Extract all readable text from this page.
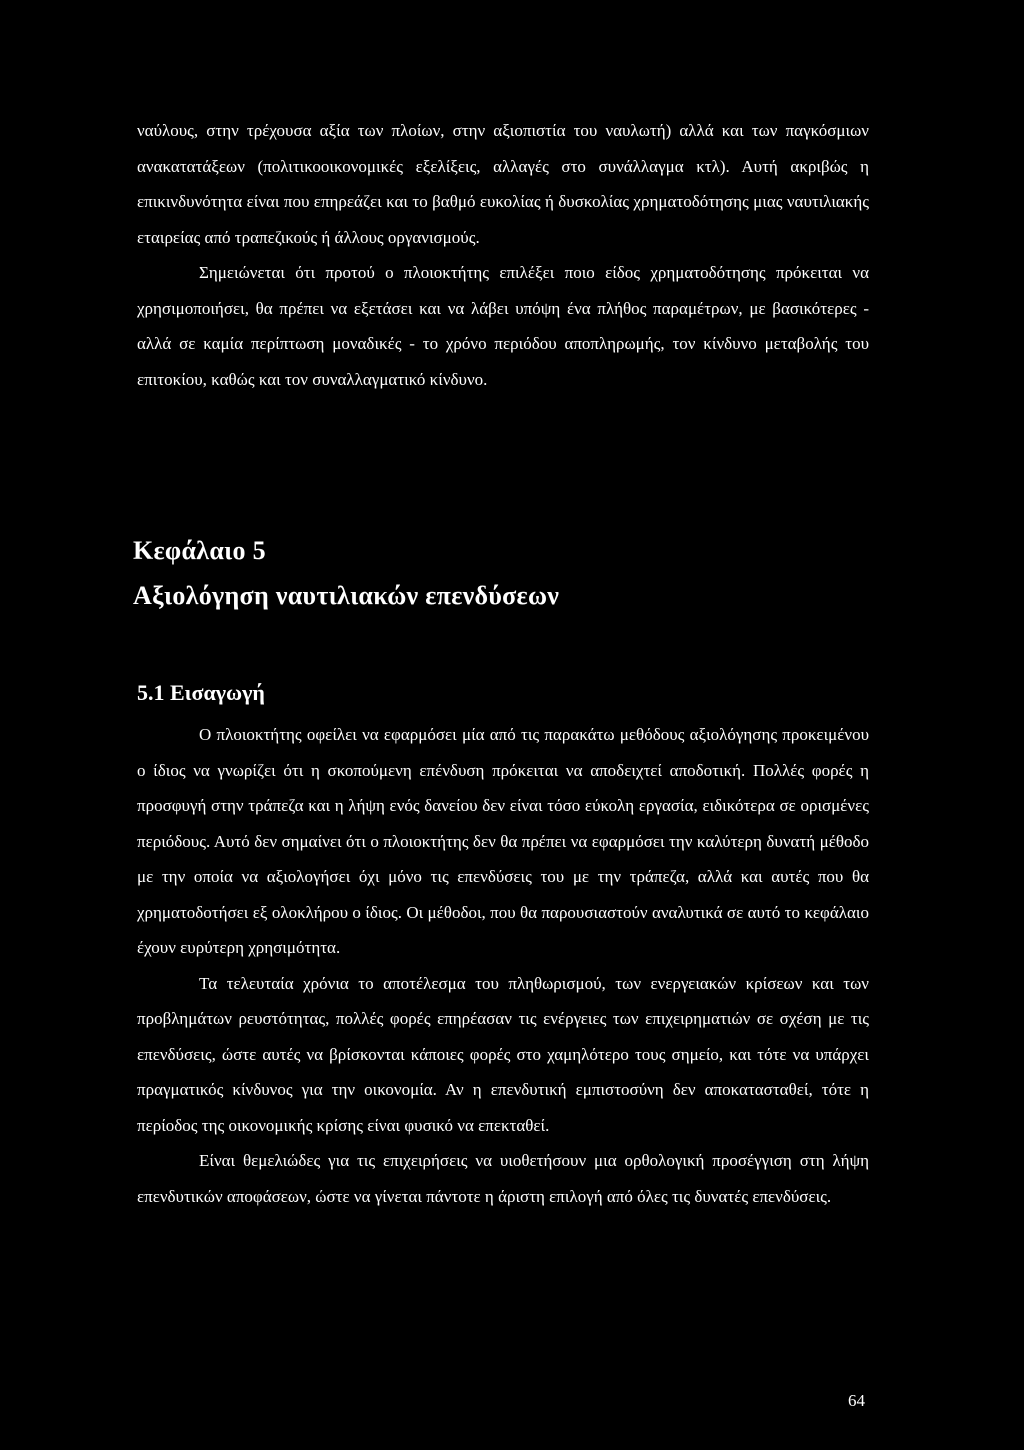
ναύλους, στην τρέχουσα αξία των πλοίων, στην αξιοπιστία του ναυλωτή) αλλά και των παγκόσμιων ανακατατάξεων (πολιτικοοικονομικές εξελίξεις, αλλαγές στο συνάλλαγμα κτλ). Αυτή ακριβώς η επικινδυνότητα είναι που επηρεάζει και το βαθμό ευκολίας ή δυσκολίας χρηματοδότησης μιας ναυτιλιακής εταιρείας από τραπεζικούς ή άλλους οργανισμούς.

Σημειώνεται ότι προτού ο πλοιοκτήτης επιλέξει ποιο είδος χρηματοδότησης πρόκειται να χρησιμοποιήσει, θα πρέπει να εξετάσει και να λάβει υπόψη ένα πλήθος παραμέτρων, με βασικότερες - αλλά σε καμία περίπτωση μοναδικές - το χρόνο περιόδου αποπληρωμής, τον κίνδυνο μεταβολής του επιτοκίου, καθώς και τον συναλλαγματικό κίνδυνο.

Κεφάλαιο 5
Αξιολόγηση ναυτιλιακών επενδύσεων
5.1 Εισαγωγή

Ο πλοιοκτήτης οφείλει να εφαρμόσει μία από τις παρακάτω μεθόδους αξιολόγησης προκειμένου ο ίδιος να γνωρίζει ότι η σκοπούμενη επένδυση πρόκειται να αποδειχτεί αποδοτική. Πολλές φορές η προσφυγή στην τράπεζα και η λήψη ενός δανείου δεν είναι τόσο εύκολη εργασία, ειδικότερα σε ορισμένες περιόδους. Αυτό δεν σημαίνει ότι ο πλοιοκτήτης δεν θα πρέπει να εφαρμόσει την καλύτερη δυνατή μέθοδο με την οποία να αξιολογήσει όχι μόνο τις επενδύσεις του με την τράπεζα, αλλά και αυτές που θα χρηματοδοτήσει εξ ολοκλήρου ο ίδιος. Οι μέθοδοι, που θα παρουσιαστούν αναλυτικά σε αυτό το κεφάλαιο έχουν ευρύτερη χρησιμότητα.

Τα τελευταία χρόνια το αποτέλεσμα του πληθωρισμού, των ενεργειακών κρίσεων και των προβλημάτων ρευστότητας, πολλές φορές επηρέασαν τις ενέργειες των επιχειρηματιών σε σχέση με τις επενδύσεις, ώστε αυτές να βρίσκονται κάποιες φορές στο χαμηλότερο τους σημείο, και τότε να υπάρχει πραγματικός κίνδυνος για την οικονομία. Αν η επενδυτική εμπιστοσύνη δεν αποκατασταθεί, τότε η περίοδος της οικονομικής κρίσης είναι φυσικό να επεκταθεί.

Είναι θεμελιώδες για τις επιχειρήσεις να υιοθετήσουν μια ορθολογική προσέγγιση στη λήψη επενδυτικών αποφάσεων, ώστε να γίνεται πάντοτε η άριστη επιλογή από όλες τις δυνατές επενδύσεις.

64
